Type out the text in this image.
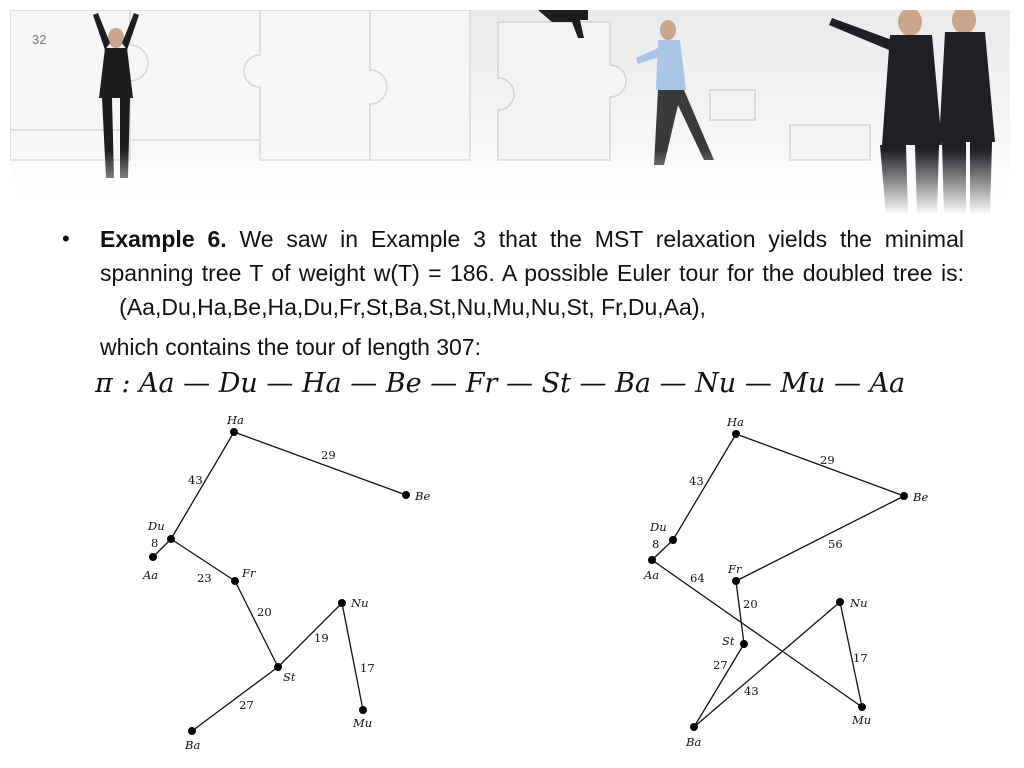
32
• Example 6. We saw in Example 3 that the MST relaxation yields the minimal spanning tree T of weight w(T) = 186. A possible Euler tour for the doubled tree is:    (Aa,Du,Ha,Be,Ha,Du,Fr,St,Ba,St,Nu,Mu,Nu,St, Fr,Du,Aa),
which contains the tour of length 307:
π : Aa — Du — Ha — Be — Fr — St — Ba — Nu — Mu — Aa
Ha
Be
Du
Aa	Fr
Nu
St
Mu
Ba
29
43
8
23
20
19
17
27
Ha
Be
Du
Aa	Fr
Nu
St
Mu
Ba
29
43
8	56
64
20
27
43
17
